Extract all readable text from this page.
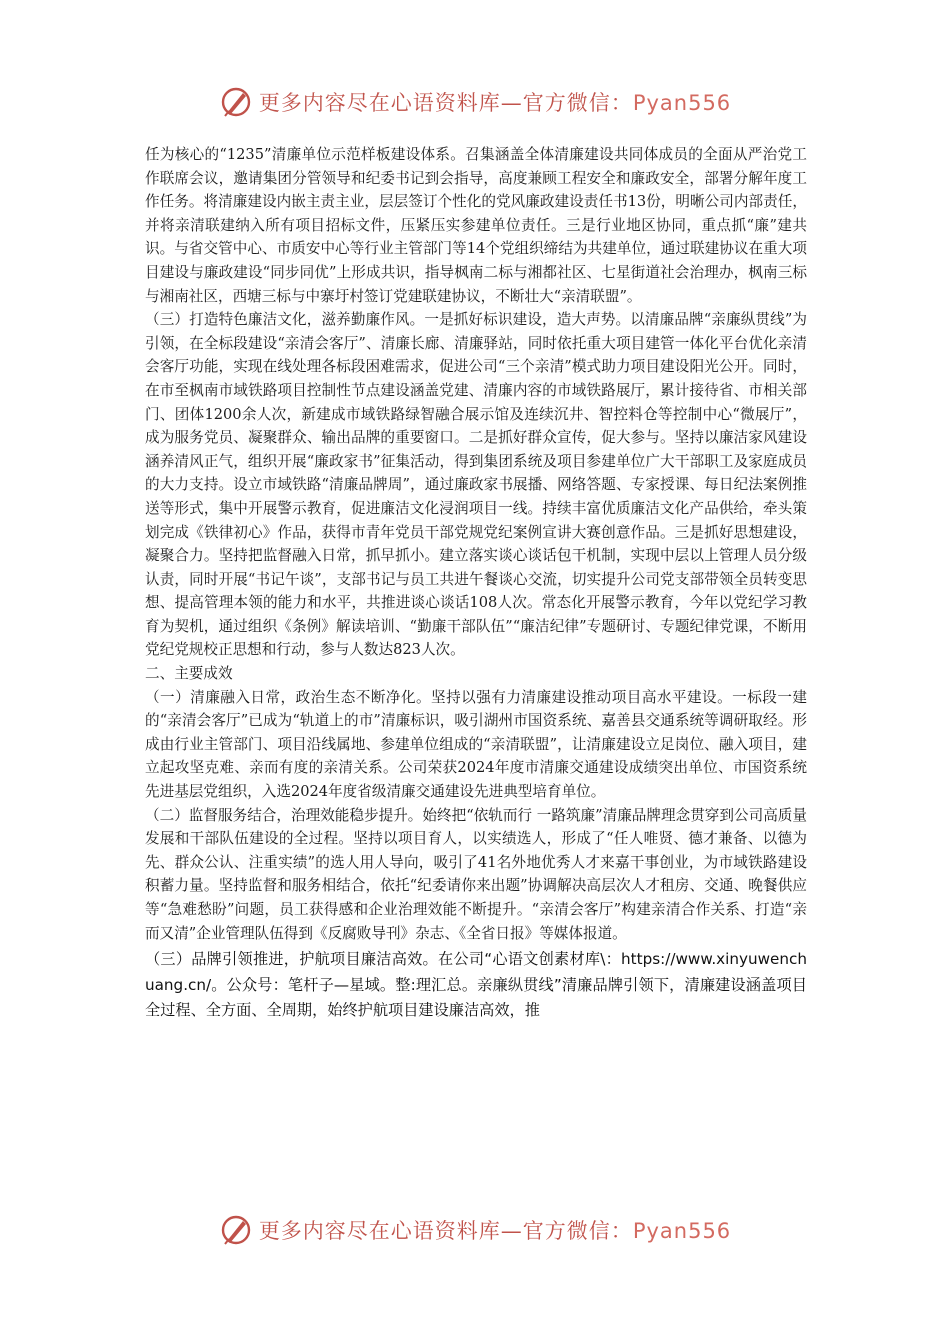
更多内容尽在心语资料库—官方微信：Pyan556

任为核心的“1235”清廉单位示范样板建设体系。召集涵盖全体清廉建设共同体成员的全面从严治党工作联席会议，邀请集团分管领导和纪委书记到会指导，高度兼顾工程安全和廉政安全，部署分解年度工作任务。将清廉建设内嵌主责主业，层层签订个性化的党风廉政建设责任书13份，明晰公司内部责任，并将亲清联建纳入所有项目招标文件，压紧压实参建单位责任。三是行业地区协同，重点抓“廉”建共识。与省交管中心、市质安中心等行业主管部门等14个党组织缔结为共建单位，通过联建协议在重大项目建设与廉政建设“同步同优”上形成共识，指导枫南二标与湘都社区、七星街道社会治理办，枫南三标与湘南社区，西塘三标与中寨圩村签订党建联建协议，不断壮大“亲清联盟”。

（三）打造特色廉洁文化，滋养勤廉作风。一是抓好标识建设，造大声势。以清廉品牌“亲廉纵贯线”为引领，在全标段建设“亲清会客厅”、清廉长廊、清廉驿站，同时依托重大项目建管一体化平台优化亲清会客厅功能，实现在线处理各标段困难需求，促进公司“三个亲清”模式助力项目建设阳光公开。同时，在市至枫南市域铁路项目控制性节点建设涵盖党建、清廉内容的市域铁路展厅，累计接待省、市相关部门、团体1200余人次，新建成市域铁路绿智融合展示馆及连续沉井、智控料仓等控制中心“微展厅”，成为服务党员、凝聚群众、输出品牌的重要窗口。二是抓好群众宣传，促大参与。坚持以廉洁家风建设涵养清风正气，组织开展“廉政家书”征集活动，得到集团系统及项目参建单位广大干部职工及家庭成员的大力支持。设立市域铁路“清廉品牌周”，通过廉政家书展播、网络答题、专家授课、每日纪法案例推送等形式，集中开展警示教育，促进廉洁文化浸润项目一线。持续丰富优质廉洁文化产品供给，牵头策划完成《铁律初心》作品，获得市青年党员干部党规党纪案例宣讲大赛创意作品。三是抓好思想建设，凝聚合力。坚持把监督融入日常，抓早抓小。建立落实谈心谈话包干机制，实现中层以上管理人员分级认责，同时开展“书记午谈”，支部书记与员工共进午餐谈心交流，切实提升公司党支部带领全员转变思想、提高管理本领的能力和水平，共推进谈心谈话108人次。常态化开展警示教育，今年以党纪学习教育为契机，通过组织《条例》解读培训、“勤廉干部队伍”“廉洁纪律”专题研讨、专题纪律党课，不断用党纪党规校正思想和行动，参与人数达823人次。

二、主要成效

（一）清廉融入日常，政治生态不断净化。坚持以强有力清廉建设推动项目高水平建设。一标段一建的“亲清会客厅”已成为“轨道上的市”清廉标识，吸引湖州市国资系统、嘉善县交通系统等调研取经。形成由行业主管部门、项目沿线属地、参建单位组成的“亲清联盟”，让清廉建设立足岗位、融入项目，建立起攻坚克难、亲而有度的亲清关系。公司荣获2024年度市清廉交通建设成绩突出单位、市国资系统先进基层党组织，入选2024年度省级清廉交通建设先进典型培育单位。

（二）监督服务结合，治理效能稳步提升。始终把“依轨而行 一路筑廉”清廉品牌理念贯穿到公司高质量发展和干部队伍建设的全过程。坚持以项目育人，以实绩选人，形成了“任人唯贤、德才兼备、以德为先、群众公认、注重实绩”的选人用人导向，吸引了41名外地优秀人才来嘉干事创业，为市域铁路建设积蓄力量。坚持监督和服务相结合，依托“纪委请你来出题”协调解决高层次人才租房、交通、晚餐供应等“急难愁盼”问题，员工获得感和企业治理效能不断提升。“亲清会客厅”构建亲清合作关系、打造“亲而又清”企业管理队伍得到《反腐败导刊》杂志、《全省日报》等媒体报道。

（三）品牌引领推进，护航项目廉洁高效。在公司“心语文创素材库\：https://www.xinyuwenchuang.cn/。公众号：笔杆子—星域。整:理汇总。亲廉纵贯线”清廉品牌引领下，清廉建设涵盖项目全过程、全方面、全周期，始终护航项目建设廉洁高效，推

更多内容尽在心语资料库—官方微信：Pyan556
